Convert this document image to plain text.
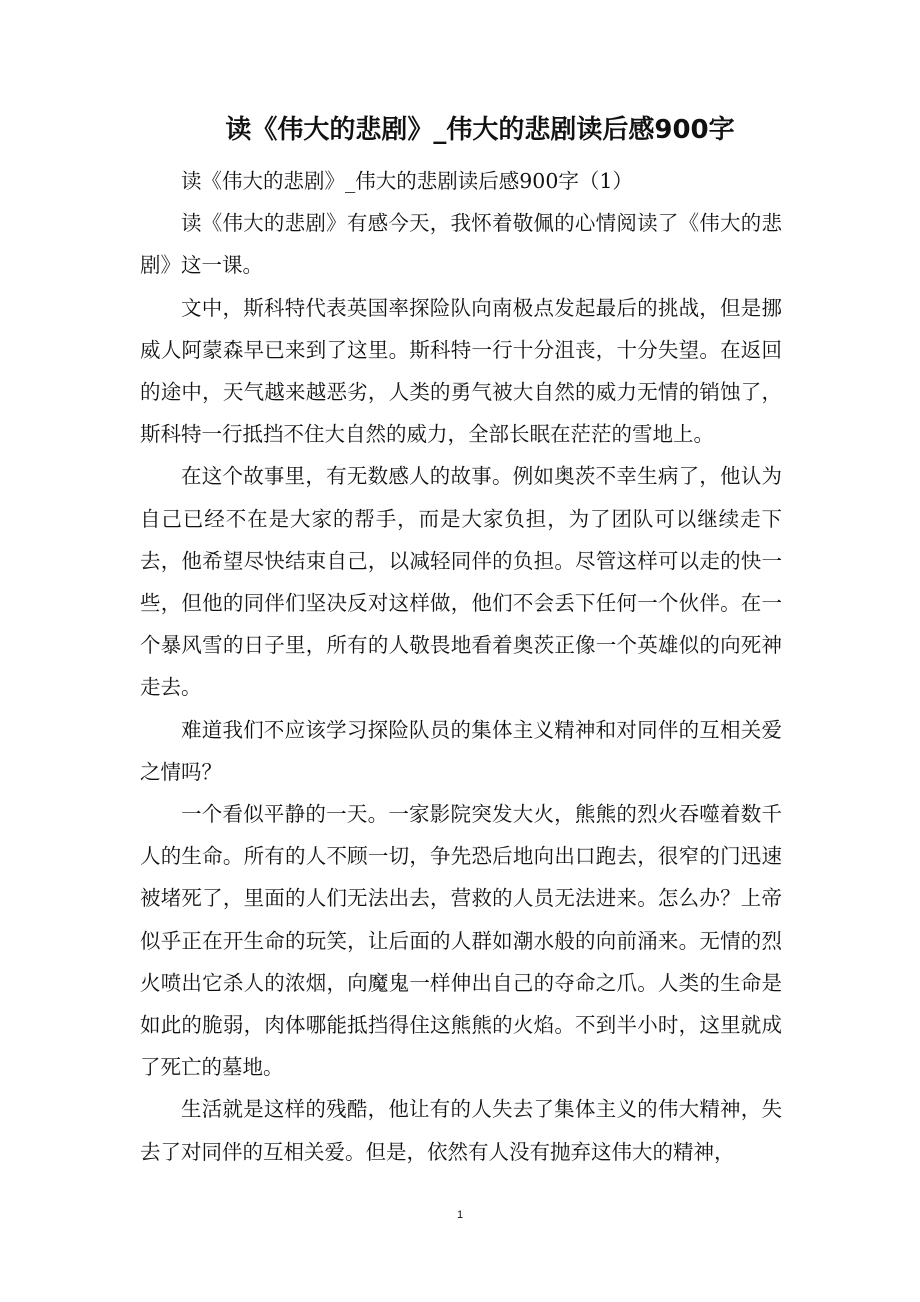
读《伟大的悲剧》_伟大的悲剧读后感900字

读《伟大的悲剧》_伟大的悲剧读后感900字（1）

读《伟大的悲剧》有感今天，我怀着敬佩的心情阅读了《伟大的悲剧》这一课。

文中，斯科特代表英国率探险队向南极点发起最后的挑战，但是挪威人阿蒙森早已来到了这里。斯科特一行十分沮丧，十分失望。在返回的途中，天气越来越恶劣，人类的勇气被大自然的威力无情的销蚀了，斯科特一行抵挡不住大自然的威力，全部长眠在茫茫的雪地上。

在这个故事里，有无数感人的故事。例如奥茨不幸生病了，他认为自己已经不在是大家的帮手，而是大家负担，为了团队可以继续走下去，他希望尽快结束自己，以减轻同伴的负担。尽管这样可以走的快一些，但他的同伴们坚决反对这样做，他们不会丢下任何一个伙伴。在一个暴风雪的日子里，所有的人敬畏地看着奥茨正像一个英雄似的向死神走去。

难道我们不应该学习探险队员的集体主义精神和对同伴的互相关爱之情吗？

一个看似平静的一天。一家影院突发大火，熊熊的烈火吞噬着数千人的生命。所有的人不顾一切，争先恐后地向出口跑去，很窄的门迅速被堵死了，里面的人们无法出去，营救的人员无法进来。怎么办？上帝似乎正在开生命的玩笑，让后面的人群如潮水般的向前涌来。无情的烈火喷出它杀人的浓烟，向魔鬼一样伸出自己的夺命之爪。人类的生命是如此的脆弱，肉体哪能抵挡得住这熊熊的火焰。不到半小时，这里就成了死亡的墓地。

生活就是这样的残酷，他让有的人失去了集体主义的伟大精神，失去了对同伴的互相关爱。但是，依然有人没有抛弃这伟大的精神，

1
